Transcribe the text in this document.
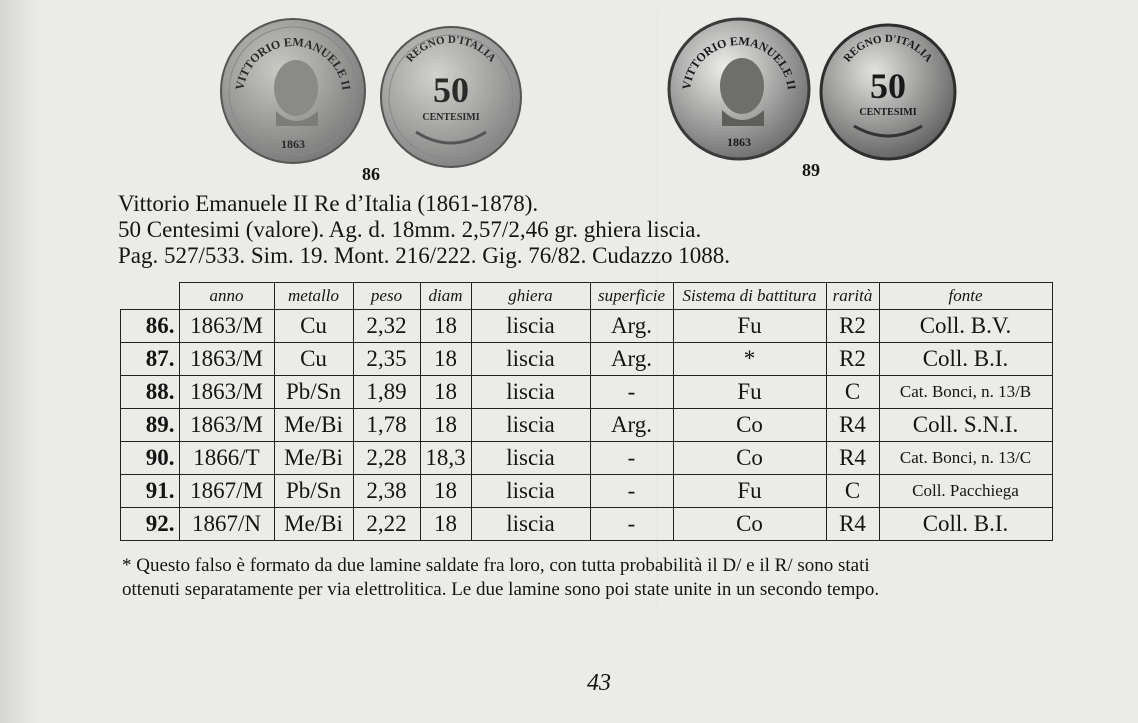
VITTORIO EMANUELE II
1863
REGNO D'ITALIA
50
CENTESIMI
86
VITTORIO EMANUELE II
1863
REGNO D'ITALIA
50
CENTESIMI
89
Vittorio Emanuele II Re d’Italia (1861-1878).
50 Centesimi (valore). Ag. d. 18mm. 2,57/2,46 gr. ghiera liscia.
Pag. 527/533. Sim. 19. Mont. 216/222. Gig. 76/82. Cudazzo 1088.
	anno	metallo	peso	diam	ghiera	superficie	Sistema di battitura	rarità	fonte
86.	1863/M	Cu	2,32	18	liscia	Arg.	Fu	R2	Coll. B.V.
87.	1863/M	Cu	2,35	18	liscia	Arg.	*	R2	Coll. B.I.
88.	1863/M	Pb/Sn	1,89	18	liscia	-	Fu	C	Cat. Bonci, n. 13/B
89.	1863/M	Me/Bi	1,78	18	liscia	Arg.	Co	R4	Coll. S.N.I.
90.	1866/T	Me/Bi	2,28	18,3	liscia	-	Co	R4	Cat. Bonci, n. 13/C
91.	1867/M	Pb/Sn	2,38	18	liscia	-	Fu	C	Coll. Pacchiega
92.	1867/N	Me/Bi	2,22	18	liscia	-	Co	R4	Coll. B.I.
* Questo falso è formato da due lamine saldate fra loro, con tutta probabilità il D/ e il R/ sono stati
ottenuti separatamente per via elettrolitica. Le due lamine sono poi state unite in un secondo tempo.
43
